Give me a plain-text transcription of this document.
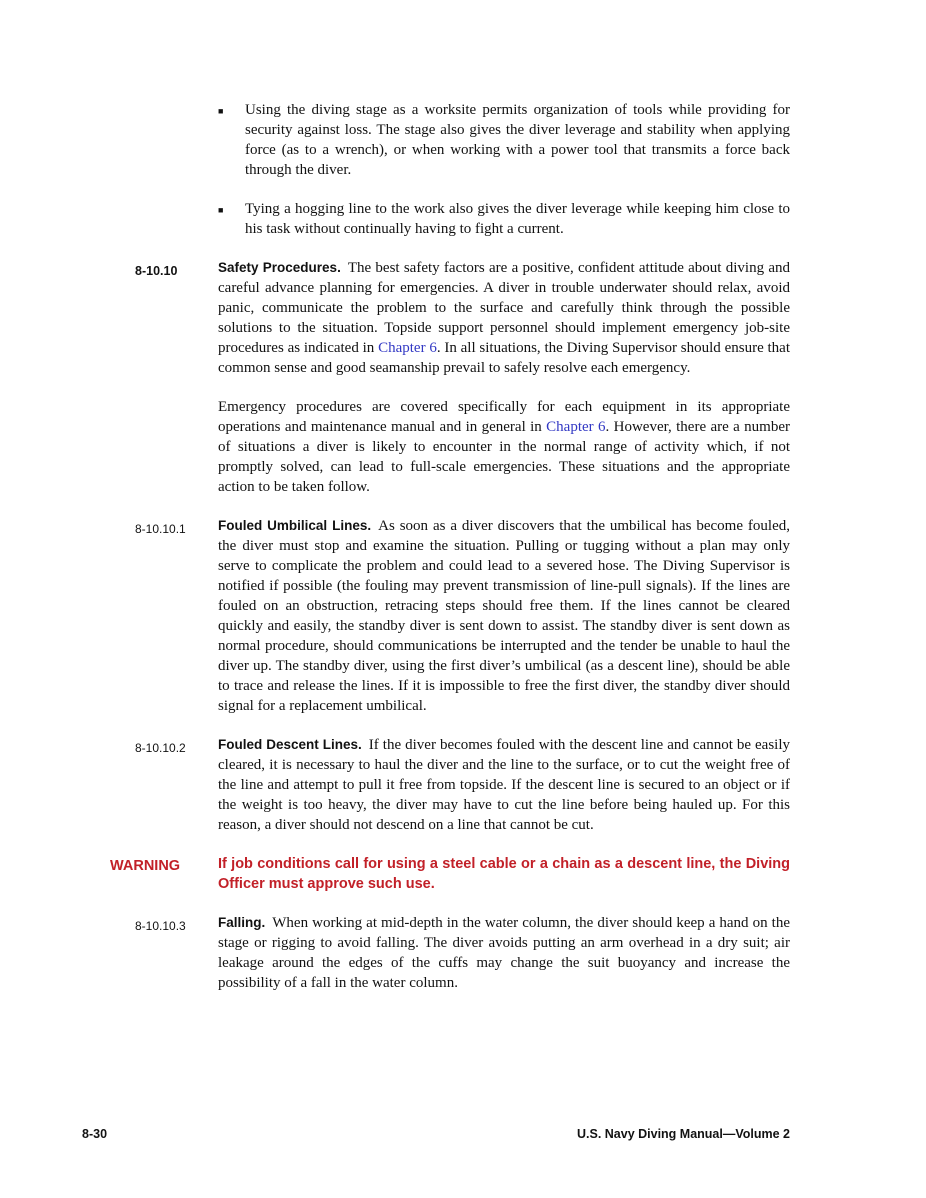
■	Using the diving stage as a worksite permits organization of tools while providing for security against loss. The stage also gives the diver leverage and stability when applying force (as to a wrench), or when working with a power tool that transmits a force back through the diver.
■	Tying a hogging line to the work also gives the diver leverage while keeping him close to his task without continually having to fight a current.
8-10.10	Safety Procedures. The best safety factors are a positive, confident attitude about diving and careful advance planning for emergencies. A diver in trouble underwater should relax, avoid panic, communicate the problem to the surface and carefully think through the possible solutions to the situation. Topside support personnel should implement emergency job-site procedures as indicated in Chapter 6. In all situations, the Diving Supervisor should ensure that common sense and good seamanship prevail to safely resolve each emergency.
Emergency procedures are covered specifically for each equipment in its appropriate operations and maintenance manual and in general in Chapter 6. However, there are a number of situations a diver is likely to encounter in the normal range of activity which, if not promptly solved, can lead to full-scale emergencies. These situations and the appropriate action to be taken follow.
8-10.10.1	Fouled Umbilical Lines. As soon as a diver discovers that the umbilical has become fouled, the diver must stop and examine the situation. Pulling or tugging without a plan may only serve to complicate the problem and could lead to a severed hose. The Diving Supervisor is notified if possible (the fouling may prevent transmission of line-pull signals). If the lines are fouled on an obstruction, retracing steps should free them. If the lines cannot be cleared quickly and easily, the standby diver is sent down to assist. The standby diver is sent down as normal procedure, should communications be interrupted and the tender be unable to haul the diver up. The standby diver, using the first diver’s umbilical (as a descent line), should be able to trace and release the lines. If it is impossible to free the first diver, the standby diver should signal for a replacement umbilical.
8-10.10.2	Fouled Descent Lines. If the diver becomes fouled with the descent line and cannot be easily cleared, it is necessary to haul the diver and the line to the surface, or to cut the weight free of the line and attempt to pull it free from topside. If the descent line is secured to an object or if the weight is too heavy, the diver may have to cut the line before being hauled up. For this reason, a diver should not descend on a line that cannot be cut.
WARNING	If job conditions call for using a steel cable or a chain as a descent line, the Diving Officer must approve such use.
8-10.10.3	Falling. When working at mid-depth in the water column, the diver should keep a hand on the stage or rigging to avoid falling. The diver avoids putting an arm overhead in a dry suit; air leakage around the edges of the cuffs may change the suit buoyancy and increase the possibility of a fall in the water column.
8-30	U.S. Navy Diving Manual—Volume 2
